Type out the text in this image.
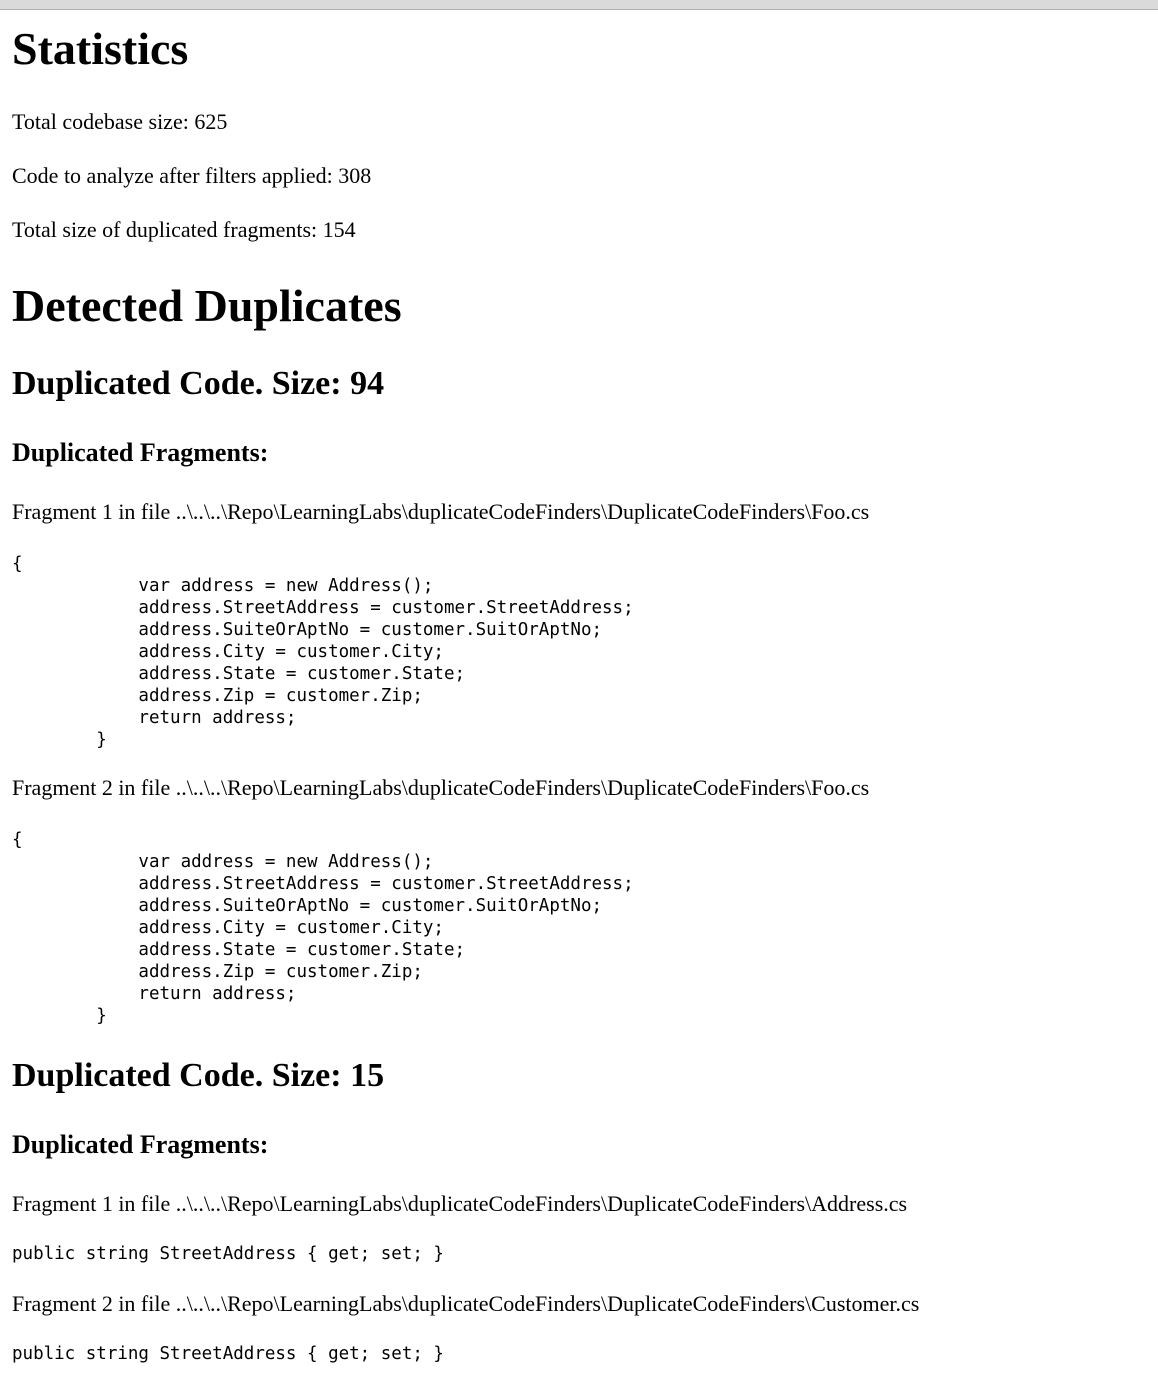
Statistics

Total codebase size: 625

Code to analyze after filters applied: 308

Total size of duplicated fragments: 154

Detected Duplicates
Duplicated Code. Size: 94
Duplicated Fragments:

Fragment 1 in file ..\..\..\Repo\LearningLabs\duplicateCodeFinders\DuplicateCodeFinders\Foo.cs

{
var address = new Address();
address.StreetAddress = customer.StreetAddress;
address.SuiteOrAptNo = customer.SuitOrAptNo;
address.City = customer.City;
address.State = customer.State;
address.Zip = customer.Zip;
return address;
}

Fragment 2 in file ..\..\..\Repo\LearningLabs\duplicateCodeFinders\DuplicateCodeFinders\Foo.cs

{
var address = new Address();
address.StreetAddress = customer.StreetAddress;
address.SuiteOrAptNo = customer.SuitOrAptNo;
address.City = customer.City;
address.State = customer.State;
address.Zip = customer.Zip;
return address;
}
Duplicated Code. Size: 15
Duplicated Fragments:

Fragment 1 in file ..\..\..\Repo\LearningLabs\duplicateCodeFinders\DuplicateCodeFinders\Address.cs

public string StreetAddress { get; set; }

Fragment 2 in file ..\..\..\Repo\LearningLabs\duplicateCodeFinders\DuplicateCodeFinders\Customer.cs

public string StreetAddress { get; set; }
